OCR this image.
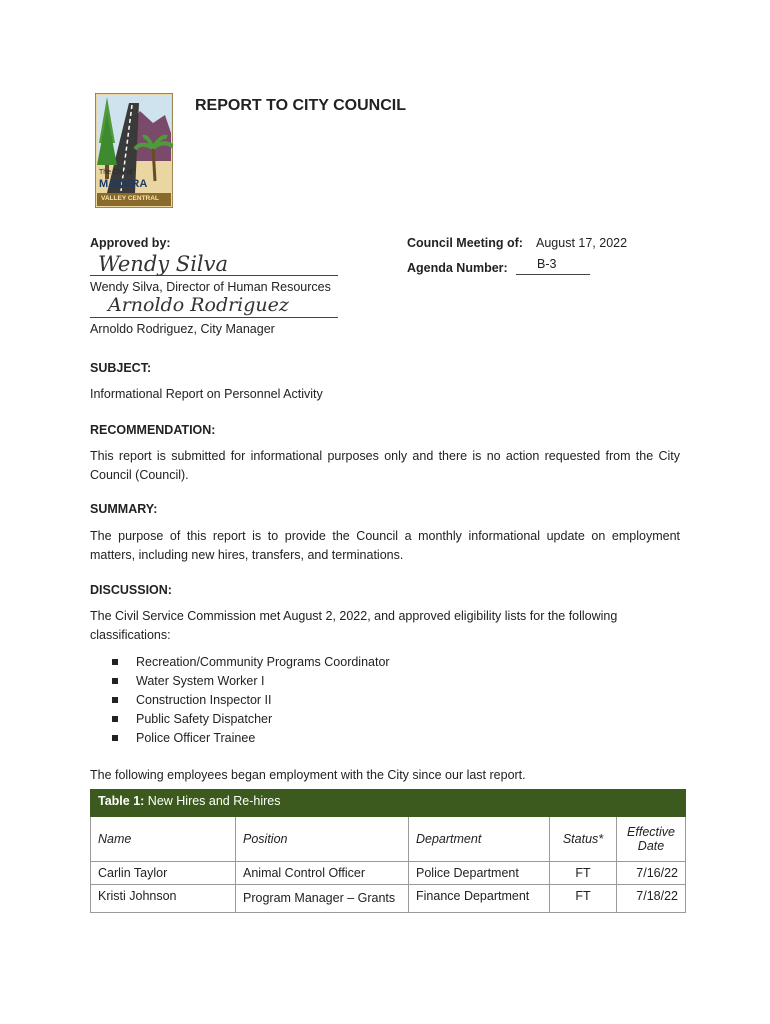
The City of
MADERA
VALLEY CENTRAL
REPORT TO CITY COUNCIL
Approved by:
Wendy Silva
Wendy Silva, Director of Human Resources
Arnoldo Rodriguez
Arnoldo Rodriguez, City Manager
Council Meeting of: August 17, 2022
Agenda Number: B-3
SUBJECT:
Informational Report on Personnel Activity
RECOMMENDATION:
This report is submitted for informational purposes only and there is no action requested from the City Council (Council).
SUMMARY:
The purpose of this report is to provide the Council a monthly informational update on employment matters, including new hires, transfers, and terminations.
DISCUSSION:
The Civil Service Commission met August 2, 2022, and approved eligibility lists for the following classifications:
Recreation/Community Programs Coordinator
Water System Worker I
Construction Inspector II
Public Safety Dispatcher
Police Officer Trainee
The following employees began employment with the City since our last report.
Table 1: New Hires and Re-hires				
Name	Position	Department	Status*	Effective
Date
Carlin Taylor	Animal Control Officer	Police Department	FT	7/16/22
Kristi Johnson	Program Manager – Grants	Finance Department	FT	7/18/22
